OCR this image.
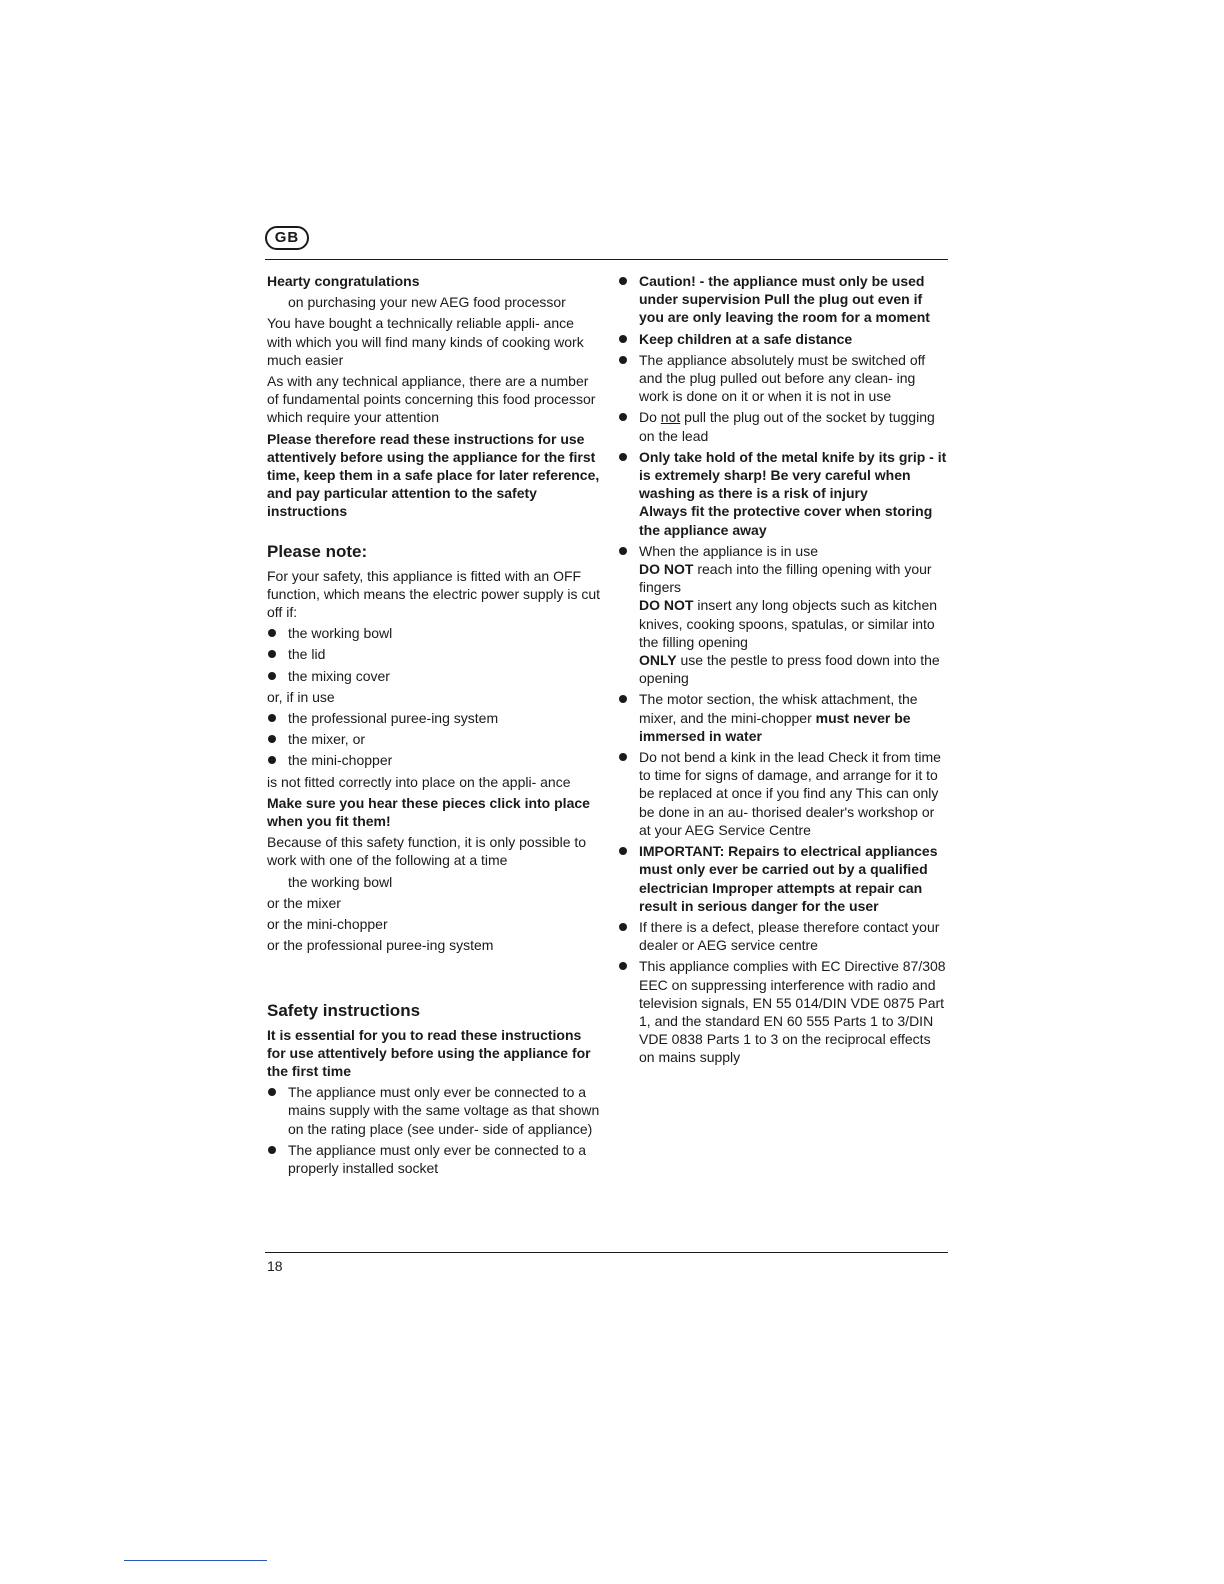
GB

Hearty congratulations

on purchasing your new AEG food processor

You have bought a technically reliable appli- ance with which you will find many kinds of cooking work much easier

As with any technical appliance, there are a number of fundamental points concerning this food processor which require your attention

Please therefore read these instructions for use attentively before using the appliance for the first time, keep them in a safe place for later reference, and pay particular attention to the safety instructions

Please note:

For your safety, this appliance is fitted with an OFF function, which means the electric power supply is cut off if:

the working bowl
the lid
the mixing cover

or, if in use

the professional puree-ing system
the mixer, or
the mini-chopper

is not fitted correctly into place on the appli- ance

Make sure you hear these pieces click into place when you fit them!

Because of this safety function, it is only possible to work with one of the following at a time

the working bowl

or the mixer

or the mini-chopper

or the professional puree-ing system

Safety instructions

It is essential for you to read these instructions for use attentively before using the appliance for the first time

The appliance must only ever be connected to a mains supply with the same voltage as that shown on the rating place (see under- side of appliance)
The appliance must only ever be connected to a properly installed socket
Caution! - the appliance must only be used under supervision Pull the plug out even if you are only leaving the room for a moment
Keep children at a safe distance
The appliance absolutely must be switched off and the plug pulled out before any clean- ing work is done on it or when it is not in use
Do not pull the plug out of the socket by tugging on the lead
Only take hold of the metal knife by its grip - it is extremely sharp! Be very careful when washing as there is a risk of injury
Always fit the protective cover when storing the appliance away
When the appliance is in use
DO NOT reach into the filling opening with your fingers
DO NOT insert any long objects such as kitchen knives, cooking spoons, spatulas, or similar into the filling opening
ONLY use the pestle to press food down into the opening
The motor section, the whisk attachment, the mixer, and the mini-chopper must never be immersed in water
Do not bend a kink in the lead Check it from time to time for signs of damage, and arrange for it to be replaced at once if you find any This can only be done in an au- thorised dealer's workshop or at your AEG Service Centre
IMPORTANT: Repairs to electrical appliances must only ever be carried out by a qualified electrician Improper attempts at repair can result in serious danger for the user
If there is a defect, please therefore contact your dealer or AEG service centre
This appliance complies with EC Directive 87/308 EEC on suppressing interference with radio and television signals, EN 55 014/DIN VDE 0875 Part 1, and the standard EN 60 555 Parts 1 to 3/DIN VDE 0838 Parts 1 to 3 on the reciprocal effects on mains supply
18
